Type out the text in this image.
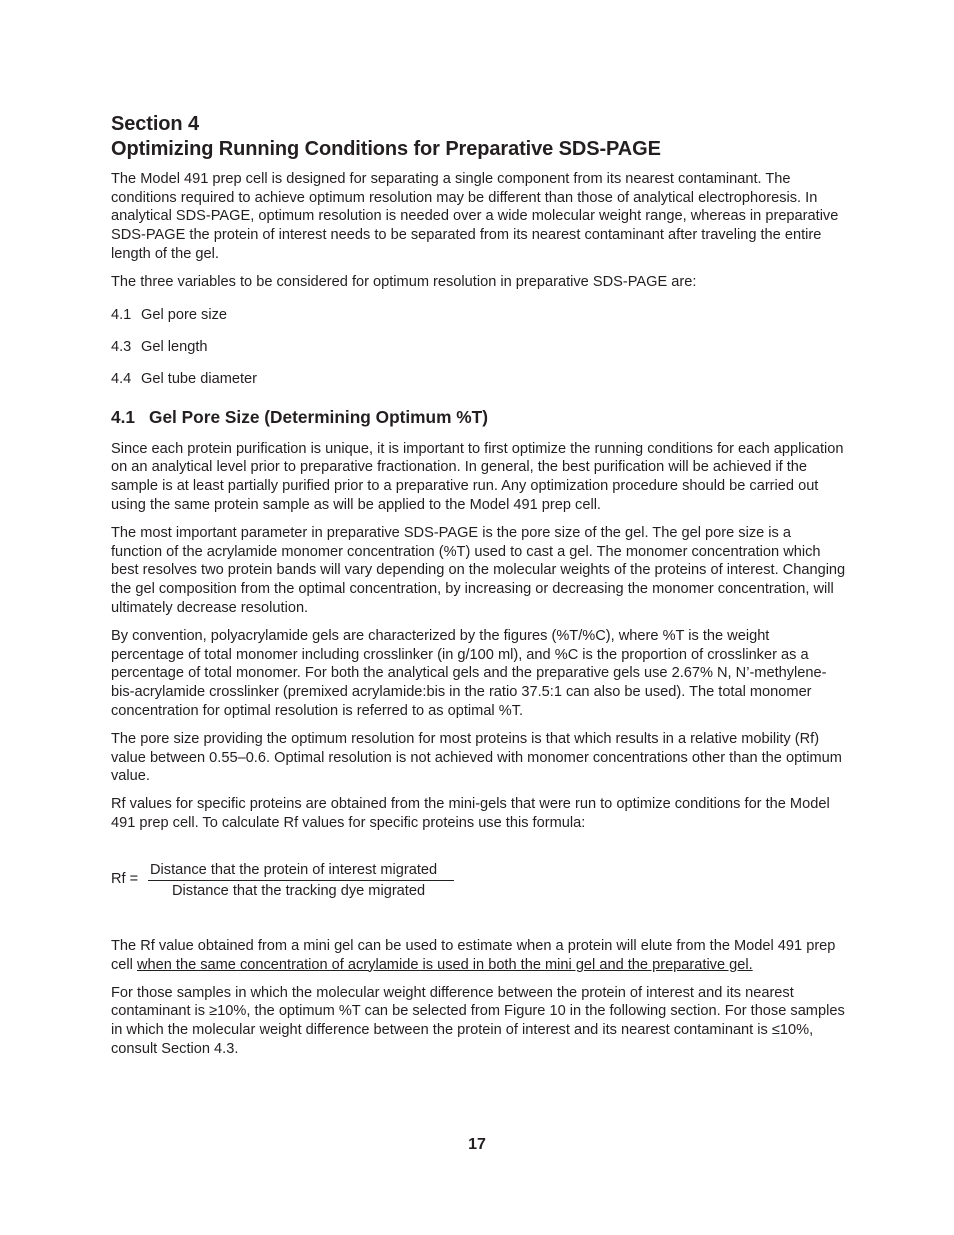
Section 4
Optimizing Running Conditions for Preparative SDS-PAGE

The Model 491 prep cell is designed for separating a single component from its nearest contaminant. The conditions required to achieve optimum resolution may be different than those of analytical electrophoresis. In analytical SDS-PAGE, optimum resolution is needed over a wide molecular weight range, whereas in preparative SDS-PAGE the protein of interest needs to be separated from its nearest contaminant after traveling the entire length of the gel.

The three variables to be considered for optimum resolution in preparative SDS-PAGE are:

4.1 Gel pore size
4.3 Gel length
4.4 Gel tube diameter
4.1 Gel Pore Size (Determining Optimum %T)

Since each protein purification is unique, it is important to first optimize the running conditions for each application on an analytical level prior to preparative fractionation. In general, the best purification will be achieved if the sample is at least partially purified prior to a preparative run. Any optimization procedure should be carried out using the same protein sample as will be applied to the Model 491 prep cell.

The most important parameter in preparative SDS-PAGE is the pore size of the gel. The gel pore size is a function of the acrylamide monomer concentration (%T) used to cast a gel. The monomer concentration which best resolves two protein bands will vary depending on the molecular weights of the proteins of interest. Changing the gel composition from the optimal concentration, by increasing or decreasing the monomer concentration, will ultimately decrease resolution.

By convention, polyacrylamide gels are characterized by the figures (%T/%C), where %T is the weight percentage of total monomer including crosslinker (in g/100 ml), and %C is the proportion of crosslinker as a percentage of total monomer. For both the analytical gels and the preparative gels use 2.67% N, N’-methylene-bis-acrylamide crosslinker (premixed acrylamide:bis in the ratio 37.5:1 can also be used). The total monomer concentration for optimal resolution is referred to as optimal %T.

The pore size providing the optimum resolution for most proteins is that which results in a relative mobility (Rf) value between 0.55–0.6. Optimal resolution is not achieved with monomer concentrations other than the optimum value.

Rf values for specific proteins are obtained from the mini-gels that were run to optimize conditions for the Model 491 prep cell. To calculate Rf values for specific proteins use this formula:

Rf =
Distance that the protein of interest migrated
Distance that the tracking dye migrated

The Rf value obtained from a mini gel can be used to estimate when a protein will elute from the Model 491 prep cell when the same concentration of acrylamide is used in both the mini gel and the preparative gel.

For those samples in which the molecular weight difference between the protein of interest and its nearest contaminant is ≥10%, the optimum %T can be selected from Figure 10 in the following section. For those samples in which the molecular weight difference between the protein of interest and its nearest contaminant is ≤10%, consult Section 4.3.

17
